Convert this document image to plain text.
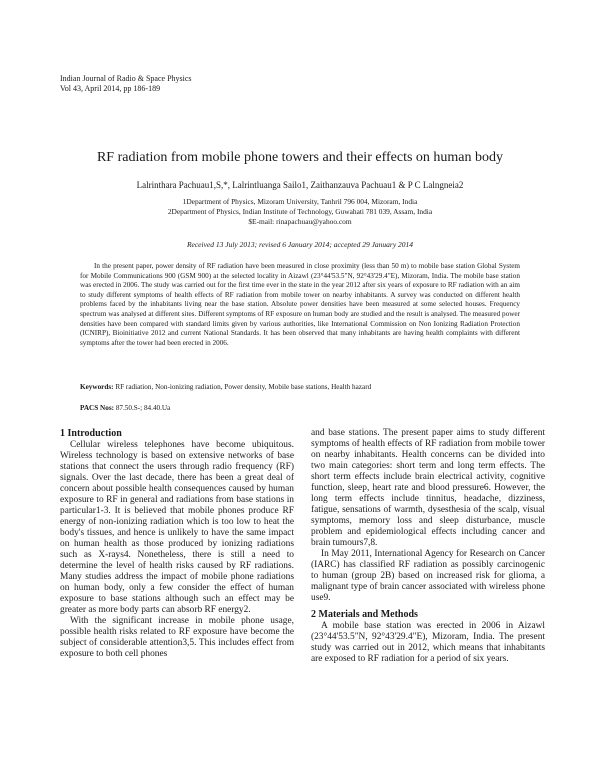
Indian Journal of Radio & Space Physics
Vol 43, April 2014, pp 186-189
RF radiation from mobile phone towers and their effects on human body
Lalrinthara Pachuau1,S,*, Lalrintluanga Sailo1, Zaithanzauva Pachuau1 & P C Lalngneia2
1Department of Physics, Mizoram University, Tanhril 796 004, Mizoram, India
2Department of Physics, Indian Institute of Technology, Guwahati 781 039, Assam, India
$E-mail: rinapachuau@yahoo.com
Received 13 July 2013; revised 6 January 2014; accepted 29 January 2014

In the present paper, power density of RF radiation have been measured in close proximity (less than 50 m) to mobile base station Global System for Mobile Communications 900 (GSM 900) at the selected locality in Aizawl (23°44'53.5"N, 92°43'29.4"E), Mizoram, India. The mobile base station was erected in 2006. The study was carried out for the first time ever in the state in the year 2012 after six years of exposure to RF radiation with an aim to study different symptoms of health effects of RF radiation from mobile tower on nearby inhabitants. A survey was conducted on different health problems faced by the inhabitants living near the base station. Absolute power densities have been measured at some selected houses. Frequency spectrum was analysed at different sites. Different symptoms of RF exposure on human body are studied and the result is analysed. The measured power densities have been compared with standard limits given by various authorities, like International Commission on Non Ionizing Radiation Protection (ICNIRP), Bioinitiative 2012 and current National Standards. It has been observed that many inhabitants are having health complaints with different symptoms after the tower had been erected in 2006.

Keywords: RF radiation, Non-ionizing radiation, Power density, Mobile base stations, Health hazard

PACS Nos: 87.50.S-; 84.40.Ua

1 Introduction

Cellular wireless telephones have become ubiquitous. Wireless technology is based on extensive networks of base stations that connect the users through radio frequency (RF) signals. Over the last decade, there has been a great deal of concern about possible health consequences caused by human exposure to RF in general and radiations from base stations in particular1-3. It is believed that mobile phones produce RF energy of non-ionizing radiation which is too low to heat the body's tissues, and hence is unlikely to have the same impact on human health as those produced by ionizing radiations such as X-rays4. Nonetheless, there is still a need to determine the level of health risks caused by RF radiations. Many studies address the impact of mobile phone radiations on human body, only a few consider the effect of human exposure to base stations although such an effect may be greater as more body parts can absorb RF energy2.

With the significant increase in mobile phone usage, possible health risks related to RF exposure have become the subject of considerable attention3,5. This includes effect from exposure to both cell phones

and base stations. The present paper aims to study different symptoms of health effects of RF radiation from mobile tower on nearby inhabitants. Health concerns can be divided into two main categories: short term and long term effects. The short term effects include brain electrical activity, cognitive function, sleep, heart rate and blood pressure6. However, the long term effects include tinnitus, headache, dizziness, fatigue, sensations of warmth, dysesthesia of the scalp, visual symptoms, memory loss and sleep disturbance, muscle problem and epidemiological effects including cancer and brain tumours7,8.

In May 2011, International Agency for Research on Cancer (IARC) has classified RF radiation as possibly carcinogenic to human (group 2B) based on increased risk for glioma, a malignant type of brain cancer associated with wireless phone use9.

2 Materials and Methods

A mobile base station was erected in 2006 in Aizawl (23°44'53.5"N, 92°43'29.4"E), Mizoram, India. The present study was carried out in 2012, which means that inhabitants are exposed to RF radiation for a period of six years.
